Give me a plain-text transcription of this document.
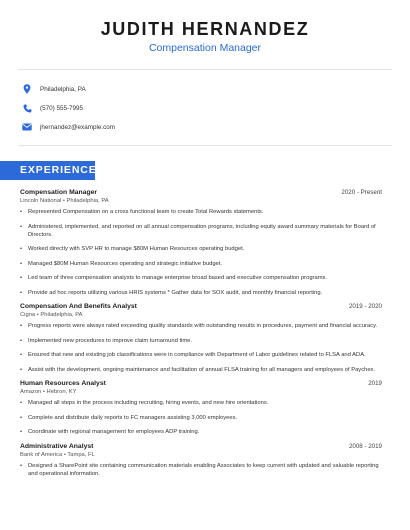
JUDITH HERNANDEZ
Compensation Manager
Philadelphia, PA
(570) 555-7995
jhernandez@example.com
EXPERIENCE
Compensation Manager	2020 - Present
Lincoln National • Philadelphia, PA
• Represented Compensation on a cross functional team to create Total Rewards statements.
• Administered, implemented, and reported on all annual compensation programs, including equity award summary materials for Board of Directors.
• Worked directly with SVP HR to manage $80M Human Resources operating budget.
• Managed $80M Human Resources operating and strategic initiative budget.
• Led team of three compensation analysts to manage enterprise broad based and executive compensation programs.
• Provide ad hoc reports utilizing various HRIS systems * Gather data for SOX audit, and monthly financial reporting.
Compensation And Benefits Analyst	2019 - 2020
Cigna • Philadelphia, PA
• Progress reports were always rated exceeding quality standards with outstanding results in procedures, payment and financial accuracy.
• Implemented new procedures to improve claim turnaround time.
• Ensured that new and existing job classifications were in compliance with Department of Labor guidelines related to FLSA and ADA.
• Assist with the development, ongoing maintenance and facilitation of annual FLSA training for all managers and employees of Paychex.
Human Resources Analyst	2019
Amazon • Hebron, KY
• Managed all steps in the process including recruiting, hiring events, and new hire orientations.
• Complete and distribute daily reports to FC managers assisting 3,000 employees.
• Coordinate with regional management for employees ADP training.
Administrative Analyst	2008 - 2019
Bank of America • Tampa, FL
• Designed a SharePoint site containing communication materials enabling Associates to keep current with updated and valuable reporting and operational information.
